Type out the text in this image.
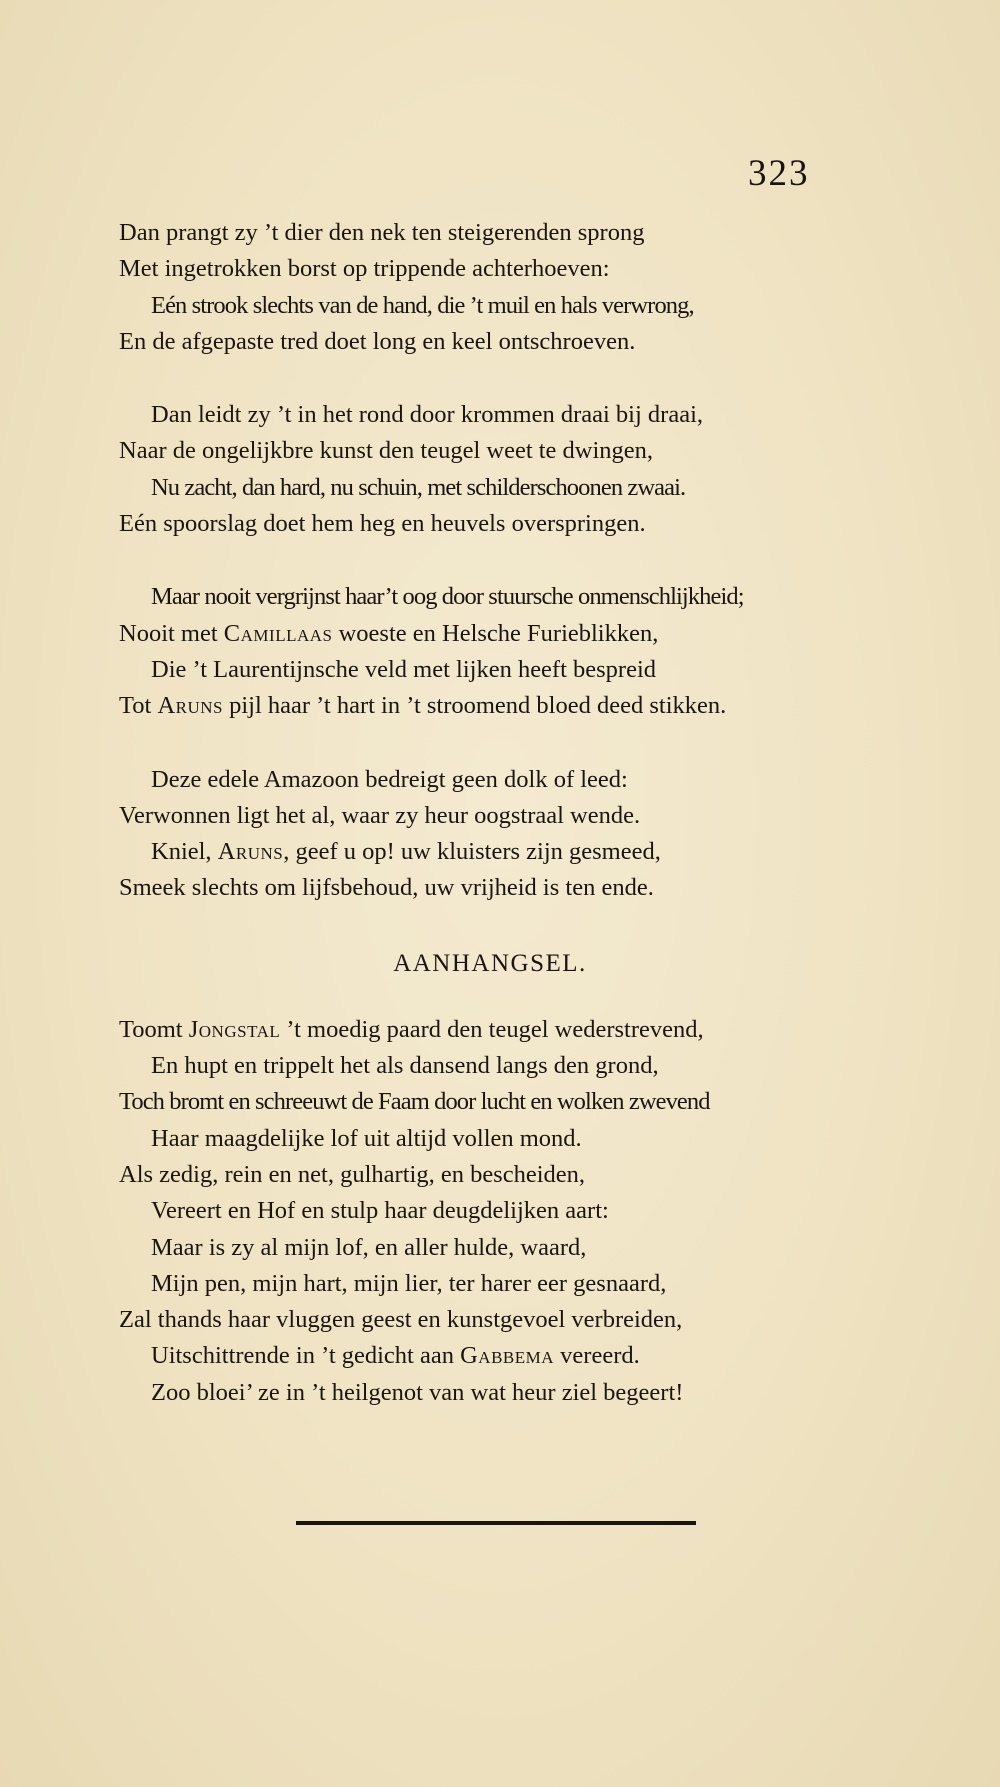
323
Dan prangt zy ’t dier den nek ten steigerenden sprong
Met ingetrokken borst op trippende achterhoeven:
Eén strook slechts van de hand, die ’t muil en hals verwrong,
En de afgepaste tred doet long en keel ontschroeven.
Dan leidt zy ’t in het rond door krommen draai bij draai,
Naar de ongelijkbre kunst den teugel weet te dwingen,
Nu zacht, dan hard, nu schuin, met schilderschoonen zwaai.
Eén spoorslag doet hem heg en heuvels overspringen.
Maar nooit vergrijnst haar’t oog door stuursche onmenschlijkheid;
Nooit met Camillaas woeste en Helsche Furieblikken,
Die ’t Laurentijnsche veld met lijken heeft bespreid
Tot Aruns pijl haar ’t hart in ’t stroomend bloed deed stikken.
Deze edele Amazoon bedreigt geen dolk of leed:
Verwonnen ligt het al, waar zy heur oogstraal wende.
Kniel, Aruns, geef u op! uw kluisters zijn gesmeed,
Smeek slechts om lijfsbehoud, uw vrijheid is ten ende.
AANHANGSEL.
Toomt Jongstal ’t moedig paard den teugel wederstrevend,
En hupt en trippelt het als dansend langs den grond,
Toch bromt en schreeuwt de Faam door lucht en wolken zwevend
Haar maagdelijke lof uit altijd vollen mond.
Als zedig, rein en net, gulhartig, en bescheiden,
Vereert en Hof en stulp haar deugdelijken aart:
Maar is zy al mijn lof, en aller hulde, waard,
Mijn pen, mijn hart, mijn lier, ter harer eer gesnaard,
Zal thands haar vluggen geest en kunstgevoel verbreiden,
Uitschittrende in ’t gedicht aan Gabbema vereerd.
Zoo bloei’ ze in ’t heilgenot van wat heur ziel begeert!
